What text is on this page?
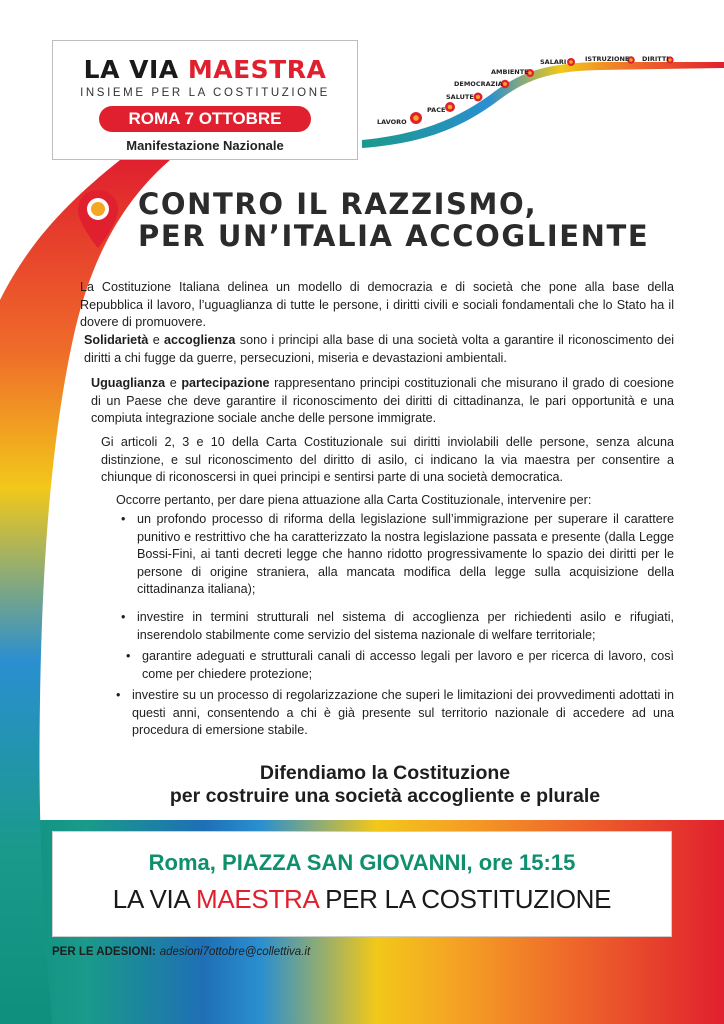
LAVORO
PACE
SALUTE
DEMOCRAZIA
AMBIENTE
SALARI	ISTRUZIONE DIRITTI
LA VIA MAESTRA
INSIEME PER LA COSTITUZIONE
ROMA 7 OTTOBRE
Manifestazione Nazionale
CONTRO IL RAZZISMO,
PER UN’ITALIA ACCOGLIENTE
La Costituzione Italiana delinea un modello di democrazia e di società che pone alla base della Repubblica il lavoro, l’uguaglianza di tutte le persone, i diritti civili e sociali fondamentali che lo Stato ha il dovere di promuovere.
Solidarietà e accoglienza sono i principi alla base di una società volta a garantire il riconoscimento dei diritti a chi fugge da guerre, persecuzioni, miseria e devastazioni ambientali.
Uguaglianza e partecipazione rappresentano principi costituzionali che misurano il grado di coesione di un Paese che deve garantire il riconoscimento dei diritti di cittadinanza, le pari opportunità e una compiuta integrazione sociale anche delle persone immigrate.
Gi articoli 2, 3 e 10 della Carta Costituzionale sui diritti inviolabili delle persone, senza alcuna distinzione, e sul riconoscimento del diritto di asilo, ci indicano la via maestra per consentire a chiunque di riconoscersi in quei principi e sentirsi parte di una società democratica.
Occorre pertanto, per dare piena attuazione alla Carta Costituzionale, intervenire per:
• un profondo processo di riforma della legislazione sull’immigrazione per superare il carattere punitivo e restrittivo che ha caratterizzato la nostra legislazione passata e presente (dalla Legge Bossi-Fini, ai tanti decreti legge che hanno ridotto progressivamente lo spazio dei diritti per le persone di origine straniera, alla mancata modifica della legge sulla acquisizione della cittadinanza italiana);
• investire in termini strutturali nel sistema di accoglienza per richiedenti asilo e rifugiati, inserendolo stabilmente come servizio del sistema nazionale di welfare territoriale;
• garantire adeguati e strutturali canali di accesso legali per lavoro e per ricerca di lavoro, così come per chiedere protezione;
• investire su un processo di regolarizzazione che superi le limitazioni dei provvedimenti adottati in questi anni, consentendo a chi è già presente sul territorio nazionale di accedere ad una procedura di emersione stabile.
Difendiamo la Costituzione
per costruire una società accogliente e plurale
Roma, PIAZZA SAN GIOVANNI, ore 15:15
LA VIA MAESTRA PER LA COSTITUZIONE
PER LE ADESIONI: adesioni7ottobre@collettiva.it
